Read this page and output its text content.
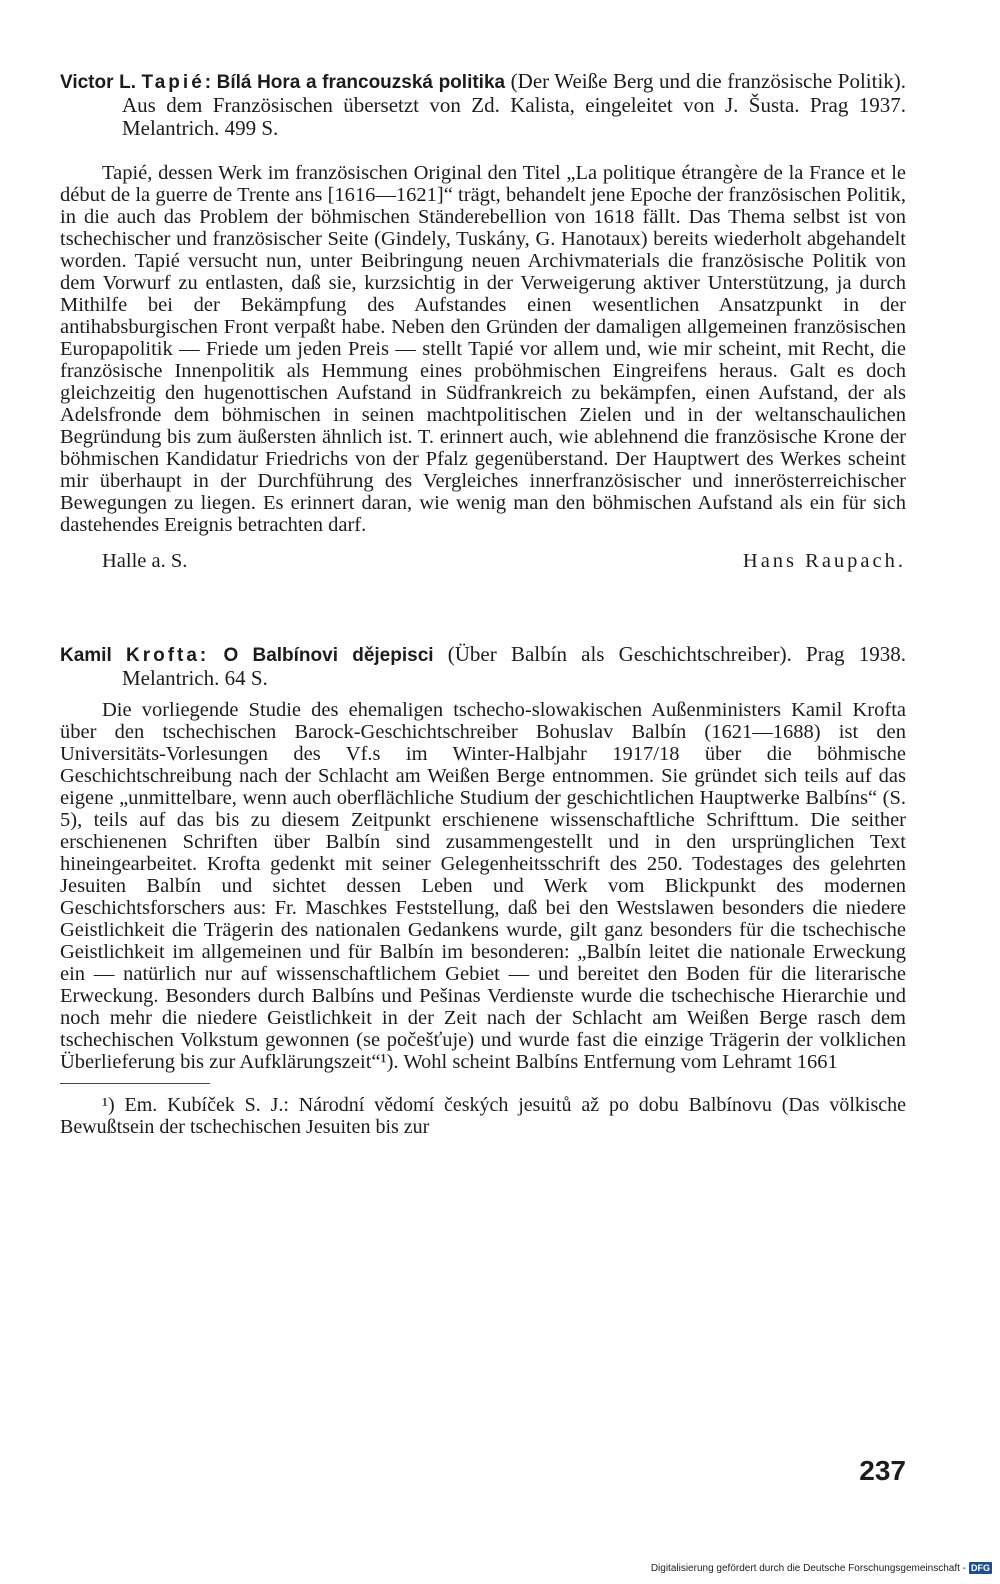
Victor L. Tapié: Bílá Hora a francouzská politika (Der Weiße Berg und die französische Politik). Aus dem Französischen übersetzt von Zd. Kalista, eingeleitet von J. Šusta. Prag 1937. Melantrich. 499 S.

Tapié, dessen Werk im französischen Original den Titel „La politique étrangère de la France et le début de la guerre de Trente ans [1616—1621]“ trägt, behandelt jene Epoche der französischen Politik, in die auch das Problem der böhmischen Ständerebellion von 1618 fällt. Das Thema selbst ist von tschechischer und französischer Seite (Gindely, Tuskány, G. Hanotaux) bereits wiederholt abgehandelt worden. Tapié versucht nun, unter Beibringung neuen Archivmaterials die französische Politik von dem Vorwurf zu entlasten, daß sie, kurzsichtig in der Verweigerung aktiver Unterstützung, ja durch Mithilfe bei der Bekämpfung des Aufstandes einen wesentlichen Ansatzpunkt in der antihabsburgischen Front verpaßt habe. Neben den Gründen der damaligen allgemeinen französischen Europapolitik — Friede um jeden Preis — stellt Tapié vor allem und, wie mir scheint, mit Recht, die französische Innenpolitik als Hemmung eines proböhmischen Eingreifens heraus. Galt es doch gleichzeitig den hugenottischen Aufstand in Südfrankreich zu bekämpfen, einen Aufstand, der als Adelsfronde dem böhmischen in seinen machtpolitischen Zielen und in der weltanschaulichen Begründung bis zum äußersten ähnlich ist. T. erinnert auch, wie ablehnend die französische Krone der böhmischen Kandidatur Friedrichs von der Pfalz gegenüberstand. Der Hauptwert des Werkes scheint mir überhaupt in der Durchführung des Vergleiches innerfranzösischer und innerösterreichischer Bewegungen zu liegen. Es erinnert daran, wie wenig man den böhmischen Aufstand als ein für sich dastehendes Ereignis betrachten darf.

Halle a. S.	Hans Raupach.

Kamil Krofta: O Balbínovi dějepisci (Über Balbín als Geschichtschreiber). Prag 1938. Melantrich. 64 S.

Die vorliegende Studie des ehemaligen tschecho-slowakischen Außenministers Kamil Krofta über den tschechischen Barock-Geschichtschreiber Bohuslav Balbín (1621—1688) ist den Universitäts-Vorlesungen des Vf.s im Winter-Halbjahr 1917/18 über die böhmische Geschichtschreibung nach der Schlacht am Weißen Berge entnommen. Sie gründet sich teils auf das eigene „unmittelbare, wenn auch oberflächliche Studium der geschichtlichen Hauptwerke Balbíns“ (S. 5), teils auf das bis zu diesem Zeitpunkt erschienene wissenschaftliche Schrifttum. Die seither erschienenen Schriften über Balbín sind zusammengestellt und in den ursprünglichen Text hineingearbeitet. Krofta gedenkt mit seiner Gelegenheitsschrift des 250. Todestages des gelehrten Jesuiten Balbín und sichtet dessen Leben und Werk vom Blickpunkt des modernen Geschichtsforschers aus: Fr. Maschkes Feststellung, daß bei den Westslawen besonders die niedere Geistlichkeit die Trägerin des nationalen Gedankens wurde, gilt ganz besonders für die tschechische Geistlichkeit im allgemeinen und für Balbín im besonderen: „Balbín leitet die nationale Erweckung ein — natürlich nur auf wissenschaftlichem Gebiet — und bereitet den Boden für die literarische Erweckung. Besonders durch Balbíns und Pešinas Verdienste wurde die tschechische Hierarchie und noch mehr die niedere Geistlichkeit in der Zeit nach der Schlacht am Weißen Berge rasch dem tschechischen Volkstum gewonnen (se počešťuje) und wurde fast die einzige Trägerin der volklichen Überlieferung bis zur Aufklärungszeit“¹). Wohl scheint Balbíns Entfernung vom Lehramt 1661

¹) Em. Kubíček S. J.: Národní vědomí českých jesuitů až po dobu Balbínovu (Das völkische Bewußtsein der tschechischen Jesuiten bis zur

237
Digitalisierung gefördert durch die Deutsche Forschungsgemeinschaft - DFG
